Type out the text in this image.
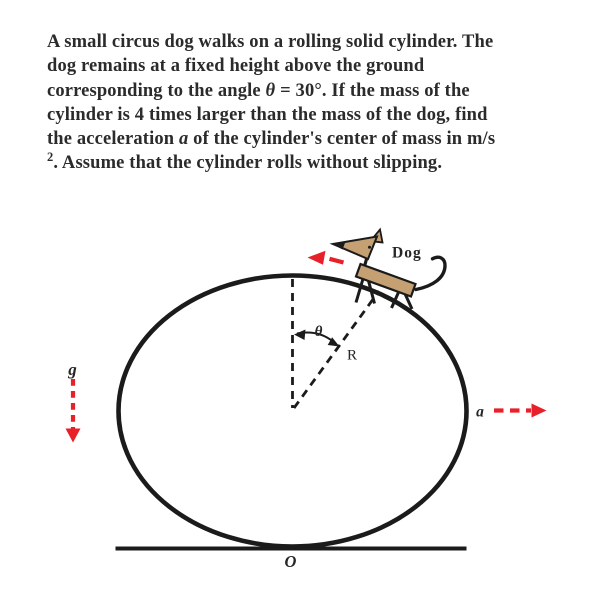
A small circus dog walks on a rolling solid cylinder. The
dog remains at a fixed height above the ground
corresponding to the angle θ = 30°. If the mass of the
cylinder is 4 times larger than the mass of the dog, find
the acceleration a of the cylinder's center of mass in m/s
$^2$. Assume that the cylinder rolls without slipping.
Dog
θ
R
g
a
O
